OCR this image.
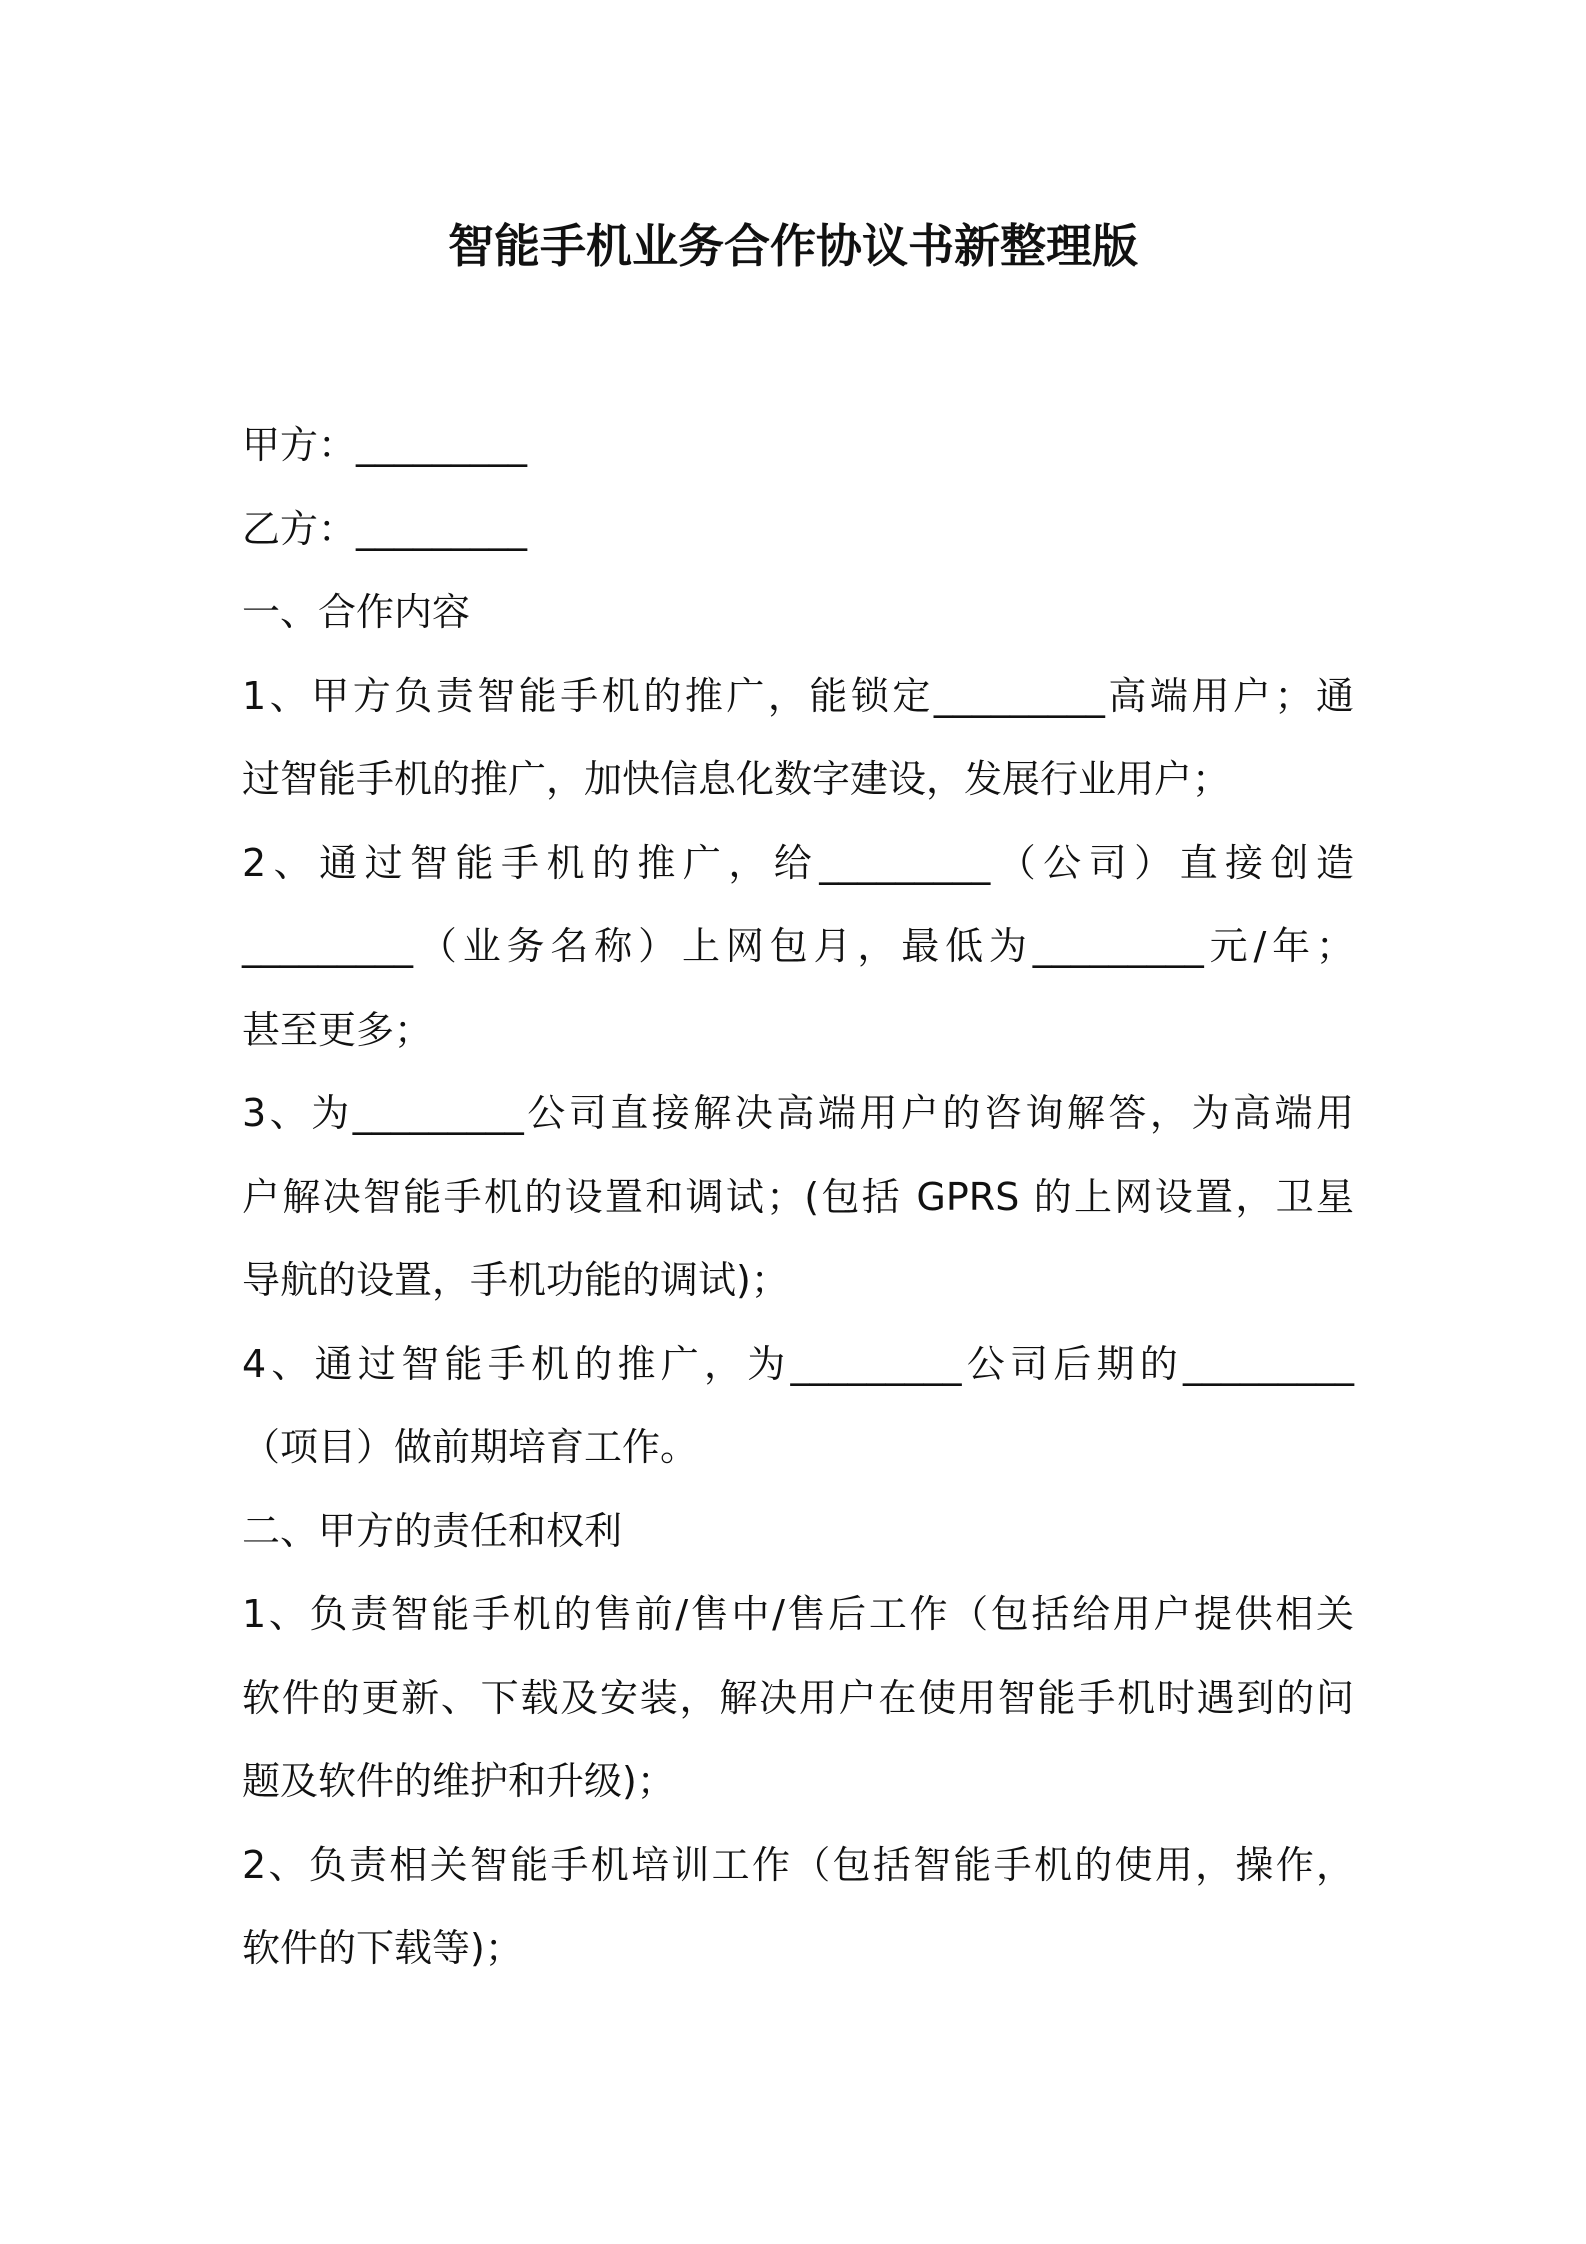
智能手机业务合作协议书新整理版
甲方：_________
乙方：_________
一、合作内容
1、甲方负责智能手机的推广，能锁定_________高端用户；通
过智能手机的推广，加快信息化数字建设，发展行业用户；
2、通过智能手机的推广，给_________（公司）直接创造
_________（业务名称）上网包月，最低为_________元/年；
甚至更多；
3、为_________公司直接解决高端用户的咨询解答，为高端用
户解决智能手机的设置和调试；(包括 GPRS 的上网设置，卫星
导航的设置，手机功能的调试)；
4、通过智能手机的推广，为_________公司后期的_________
（项目）做前期培育工作。
二、甲方的责任和权利
1、负责智能手机的售前/售中/售后工作（包括给用户提供相关
软件的更新、下载及安装，解决用户在使用智能手机时遇到的问
题及软件的维护和升级)；
2、负责相关智能手机培训工作（包括智能手机的使用，操作，
软件的下载等)；
